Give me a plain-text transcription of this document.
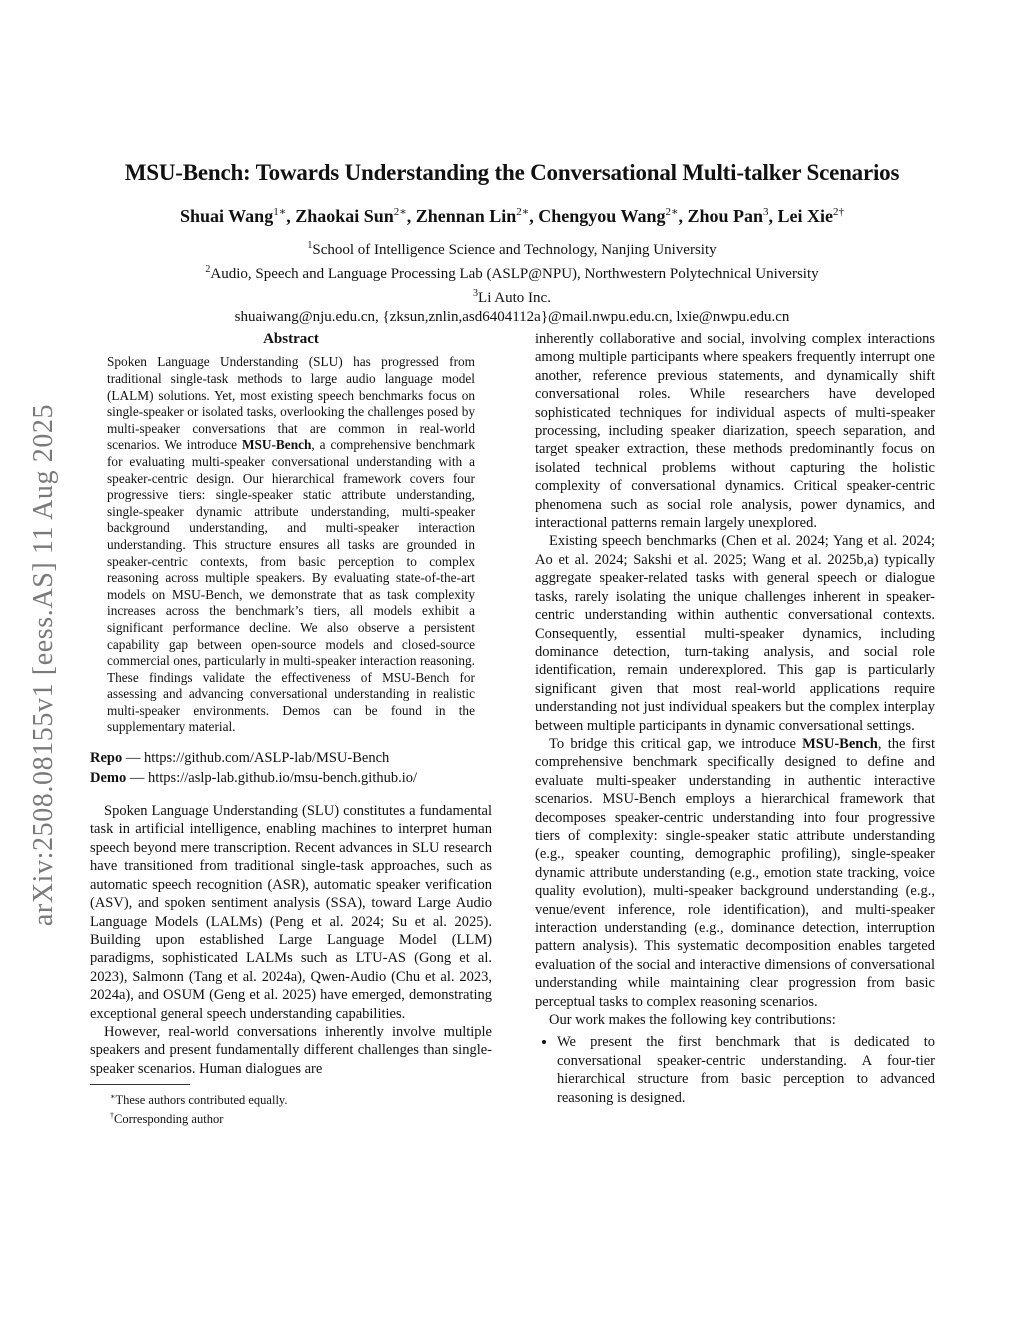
arXiv:2508.08155v1 [eess.AS] 11 Aug 2025
MSU-Bench: Towards Understanding the Conversational Multi-talker Scenarios
Shuai Wang$^{1∗}$, Zhaokai Sun$^{2∗}$, Zhennan Lin$^{2∗}$, Chengyou Wang$^{2∗}$, Zhou Pan$^3$, Lei Xie$^{2\dagger}$
$^1$School of Intelligence Science and Technology, Nanjing University
$^2$Audio, Speech and Language Processing Lab (ASLP@NPU), Northwestern Polytechnical University
$^3$Li Auto Inc.
shuaiwang@nju.edu.cn, {zksun,znlin,asd6404112a}@mail.nwpu.edu.cn, lxie@nwpu.edu.cn
Abstract

Spoken Language Understanding (SLU) has progressed from traditional single-task methods to large audio language model (LALM) solutions. Yet, most existing speech benchmarks focus on single-speaker or isolated tasks, overlooking the challenges posed by multi-speaker conversations that are common in real-world scenarios. We introduce MSU-Bench, a comprehensive benchmark for evaluating multi-speaker conversational understanding with a speaker-centric design. Our hierarchical framework covers four progressive tiers: single-speaker static attribute understanding, single-speaker dynamic attribute understanding, multi-speaker background understanding, and multi-speaker interaction understanding. This structure ensures all tasks are grounded in speaker-centric contexts, from basic perception to complex reasoning across multiple speakers. By evaluating state-of-the-art models on MSU-Bench, we demonstrate that as task complexity increases across the benchmark’s tiers, all models exhibit a significant performance decline. We also observe a persistent capability gap between open-source models and closed-source commercial ones, particularly in multi-speaker interaction reasoning. These findings validate the effectiveness of MSU-Bench for assessing and advancing conversational understanding in realistic multi-speaker environments. Demos can be found in the supplementary material.

Repo — https://github.com/ASLP-lab/MSU-Bench
Demo — https://aslp-lab.github.io/msu-bench.github.io/

Spoken Language Understanding (SLU) constitutes a fundamental task in artificial intelligence, enabling machines to interpret human speech beyond mere transcription. Recent advances in SLU research have transitioned from traditional single-task approaches, such as automatic speech recognition (ASR), automatic speaker verification (ASV), and spoken sentiment analysis (SSA), toward Large Audio Language Models (LALMs) (Peng et al. 2024; Su et al. 2025). Building upon established Large Language Model (LLM) paradigms, sophisticated LALMs such as LTU-AS (Gong et al. 2023), Salmonn (Tang et al. 2024a), Qwen-Audio (Chu et al. 2023, 2024a), and OSUM (Geng et al. 2025) have emerged, demonstrating exceptional general speech understanding capabilities.

However, real-world conversations inherently involve multiple speakers and present fundamentally different challenges than single-speaker scenarios. Human dialogues are

∗These authors contributed equally.
†Corresponding author

inherently collaborative and social, involving complex interactions among multiple participants where speakers frequently interrupt one another, reference previous statements, and dynamically shift conversational roles. While researchers have developed sophisticated techniques for individual aspects of multi-speaker processing, including speaker diarization, speech separation, and target speaker extraction, these methods predominantly focus on isolated technical problems without capturing the holistic complexity of conversational dynamics. Critical speaker-centric phenomena such as social role analysis, power dynamics, and interactional patterns remain largely unexplored.

Existing speech benchmarks (Chen et al. 2024; Yang et al. 2024; Ao et al. 2024; Sakshi et al. 2025; Wang et al. 2025b,a) typically aggregate speaker-related tasks with general speech or dialogue tasks, rarely isolating the unique challenges inherent in speaker-centric understanding within authentic conversational contexts. Consequently, essential multi-speaker dynamics, including dominance detection, turn-taking analysis, and social role identification, remain underexplored. This gap is particularly significant given that most real-world applications require understanding not just individual speakers but the complex interplay between multiple participants in dynamic conversational settings.

To bridge this critical gap, we introduce MSU-Bench, the first comprehensive benchmark specifically designed to define and evaluate multi-speaker understanding in authentic interactive scenarios. MSU-Bench employs a hierarchical framework that decomposes speaker-centric understanding into four progressive tiers of complexity: single-speaker static attribute understanding (e.g., speaker counting, demographic profiling), single-speaker dynamic attribute understanding (e.g., emotion state tracking, voice quality evolution), multi-speaker background understanding (e.g., venue/event inference, role identification), and multi-speaker interaction understanding (e.g., dominance detection, interruption pattern analysis). This systematic decomposition enables targeted evaluation of the social and interactive dimensions of conversational understanding while maintaining clear progression from basic perceptual tasks to complex reasoning scenarios.

Our work makes the following key contributions:

• We present the first benchmark that is dedicated to conversational speaker-centric understanding. A four-tier hierarchical structure from basic perception to advanced reasoning is designed.
